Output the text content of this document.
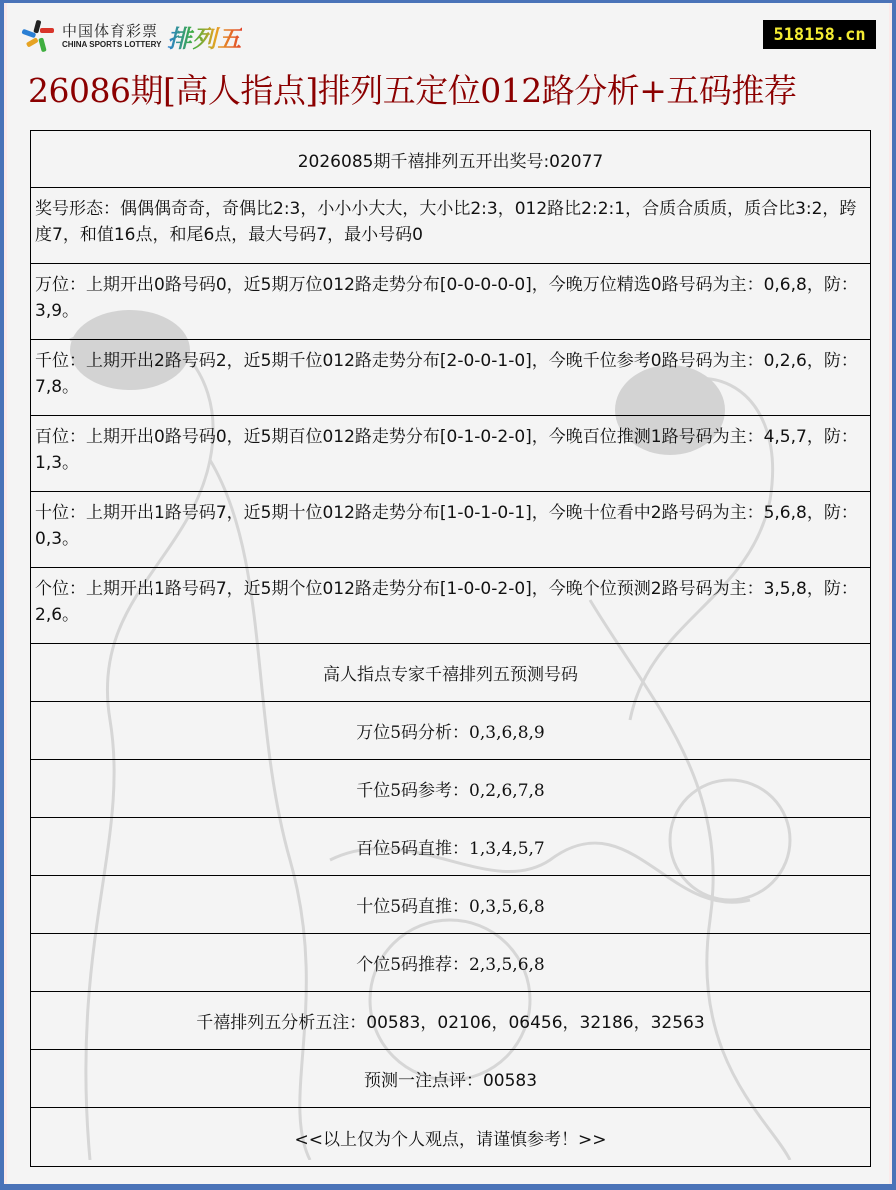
中国体育彩票
CHINA SPORTS LOTTERY 排列五	518158.cn
26086期[高人指点]排列五定位012路分析+五码推荐
2026085期千禧排列五开出奖号:02077
奖号形态：偶偶偶奇奇，奇偶比2:3，小小小大大，大小比2:3，012路比2:2:1，合质合质质，质合比3:2，跨度7，和值16点，和尾6点，最大号码7，最小号码0
万位：上期开出0路号码0，近5期万位012路走势分布[0-0-0-0-0]，今晚万位精选0路号码为主：0,6,8，防：3,9。
千位：上期开出2路号码2，近5期千位012路走势分布[2-0-0-1-0]，今晚千位参考0路号码为主：0,2,6，防：7,8。
百位：上期开出0路号码0，近5期百位012路走势分布[0-1-0-2-0]，今晚百位推测1路号码为主：4,5,7，防：1,3。
十位：上期开出1路号码7，近5期十位012路走势分布[1-0-1-0-1]，今晚十位看中2路号码为主：5,6,8，防：0,3。
个位：上期开出1路号码7，近5期个位012路走势分布[1-0-0-2-0]，今晚个位预测2路号码为主：3,5,8，防：2,6。
高人指点专家千禧排列五预测号码
万位5码分析：0,3,6,8,9
千位5码参考：0,2,6,7,8
百位5码直推：1,3,4,5,7
十位5码直推：0,3,5,6,8
个位5码推荐：2,3,5,6,8
千禧排列五分析五注：00583，02106，06456，32186，32563
预测一注点评：00583
<<以上仅为个人观点，请谨慎参考！>>
